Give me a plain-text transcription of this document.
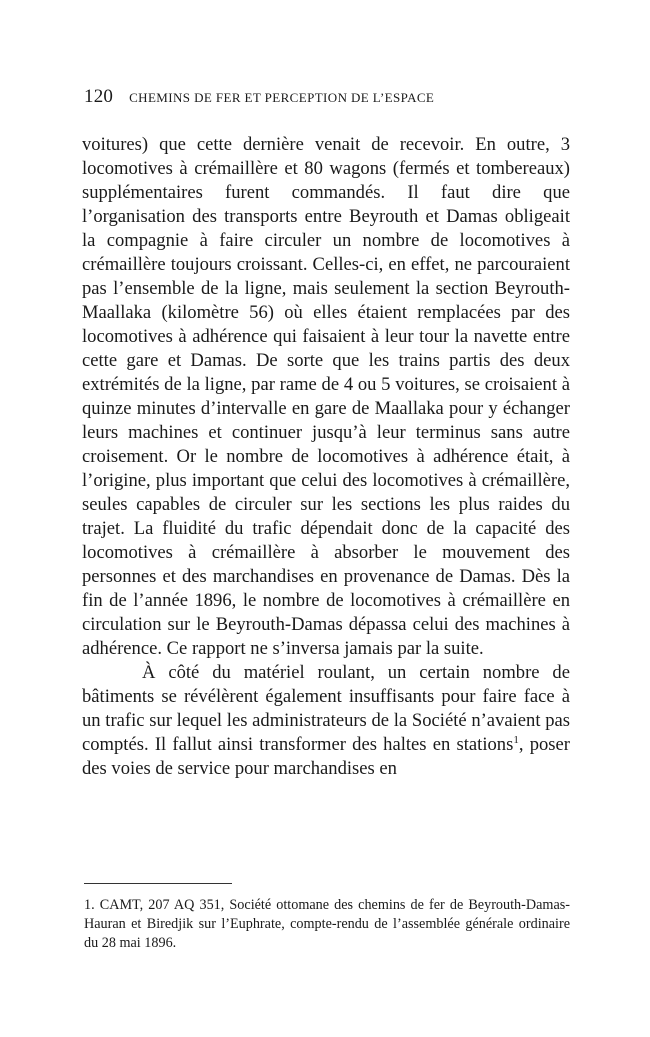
120 CHEMINS DE FER ET PERCEPTION DE L’ESPACE

voitures) que cette dernière venait de recevoir. En outre, 3 locomotives à crémaillère et 80 wagons (fermés et tombereaux) supplémentaires furent commandés. Il faut dire que l’organisation des transports entre Beyrouth et Damas obligeait la compagnie à faire circuler un nombre de locomotives à crémaillère toujours croissant. Celles-ci, en effet, ne parcouraient pas l’ensemble de la ligne, mais seulement la section Beyrouth-Maallaka (kilomètre 56) où elles étaient remplacées par des locomotives à adhérence qui faisaient à leur tour la navette entre cette gare et Damas. De sorte que les trains partis des deux extrémités de la ligne, par rame de 4 ou 5 voitures, se croisaient à quinze minutes d’intervalle en gare de Maallaka pour y échanger leurs machines et continuer jusqu’à leur terminus sans autre croisement. Or le nombre de locomotives à adhérence était, à l’origine, plus important que celui des locomotives à crémaillère, seules capables de circuler sur les sections les plus raides du trajet. La fluidité du trafic dépendait donc de la capacité des locomotives à crémaillère à absorber le mouvement des personnes et des marchandises en provenance de Damas. Dès la fin de l’année 1896, le nombre de locomotives à crémaillère en circulation sur le Beyrouth-Damas dépassa celui des machines à adhérence. Ce rapport ne s’inversa jamais par la suite.

À côté du matériel roulant, un certain nombre de bâtiments se révélèrent également insuffisants pour faire face à un trafic sur lequel les administrateurs de la Société n’avaient pas comptés. Il fallut ainsi transformer des haltes en stations$^1$, poser des voies de service pour marchandises en

1. CAMT, 207 AQ 351, Société ottomane des chemins de fer de Beyrouth-Damas-Hauran et Biredjik sur l’Euphrate, compte-rendu de l’assemblée générale ordinaire du 28 mai 1896.
